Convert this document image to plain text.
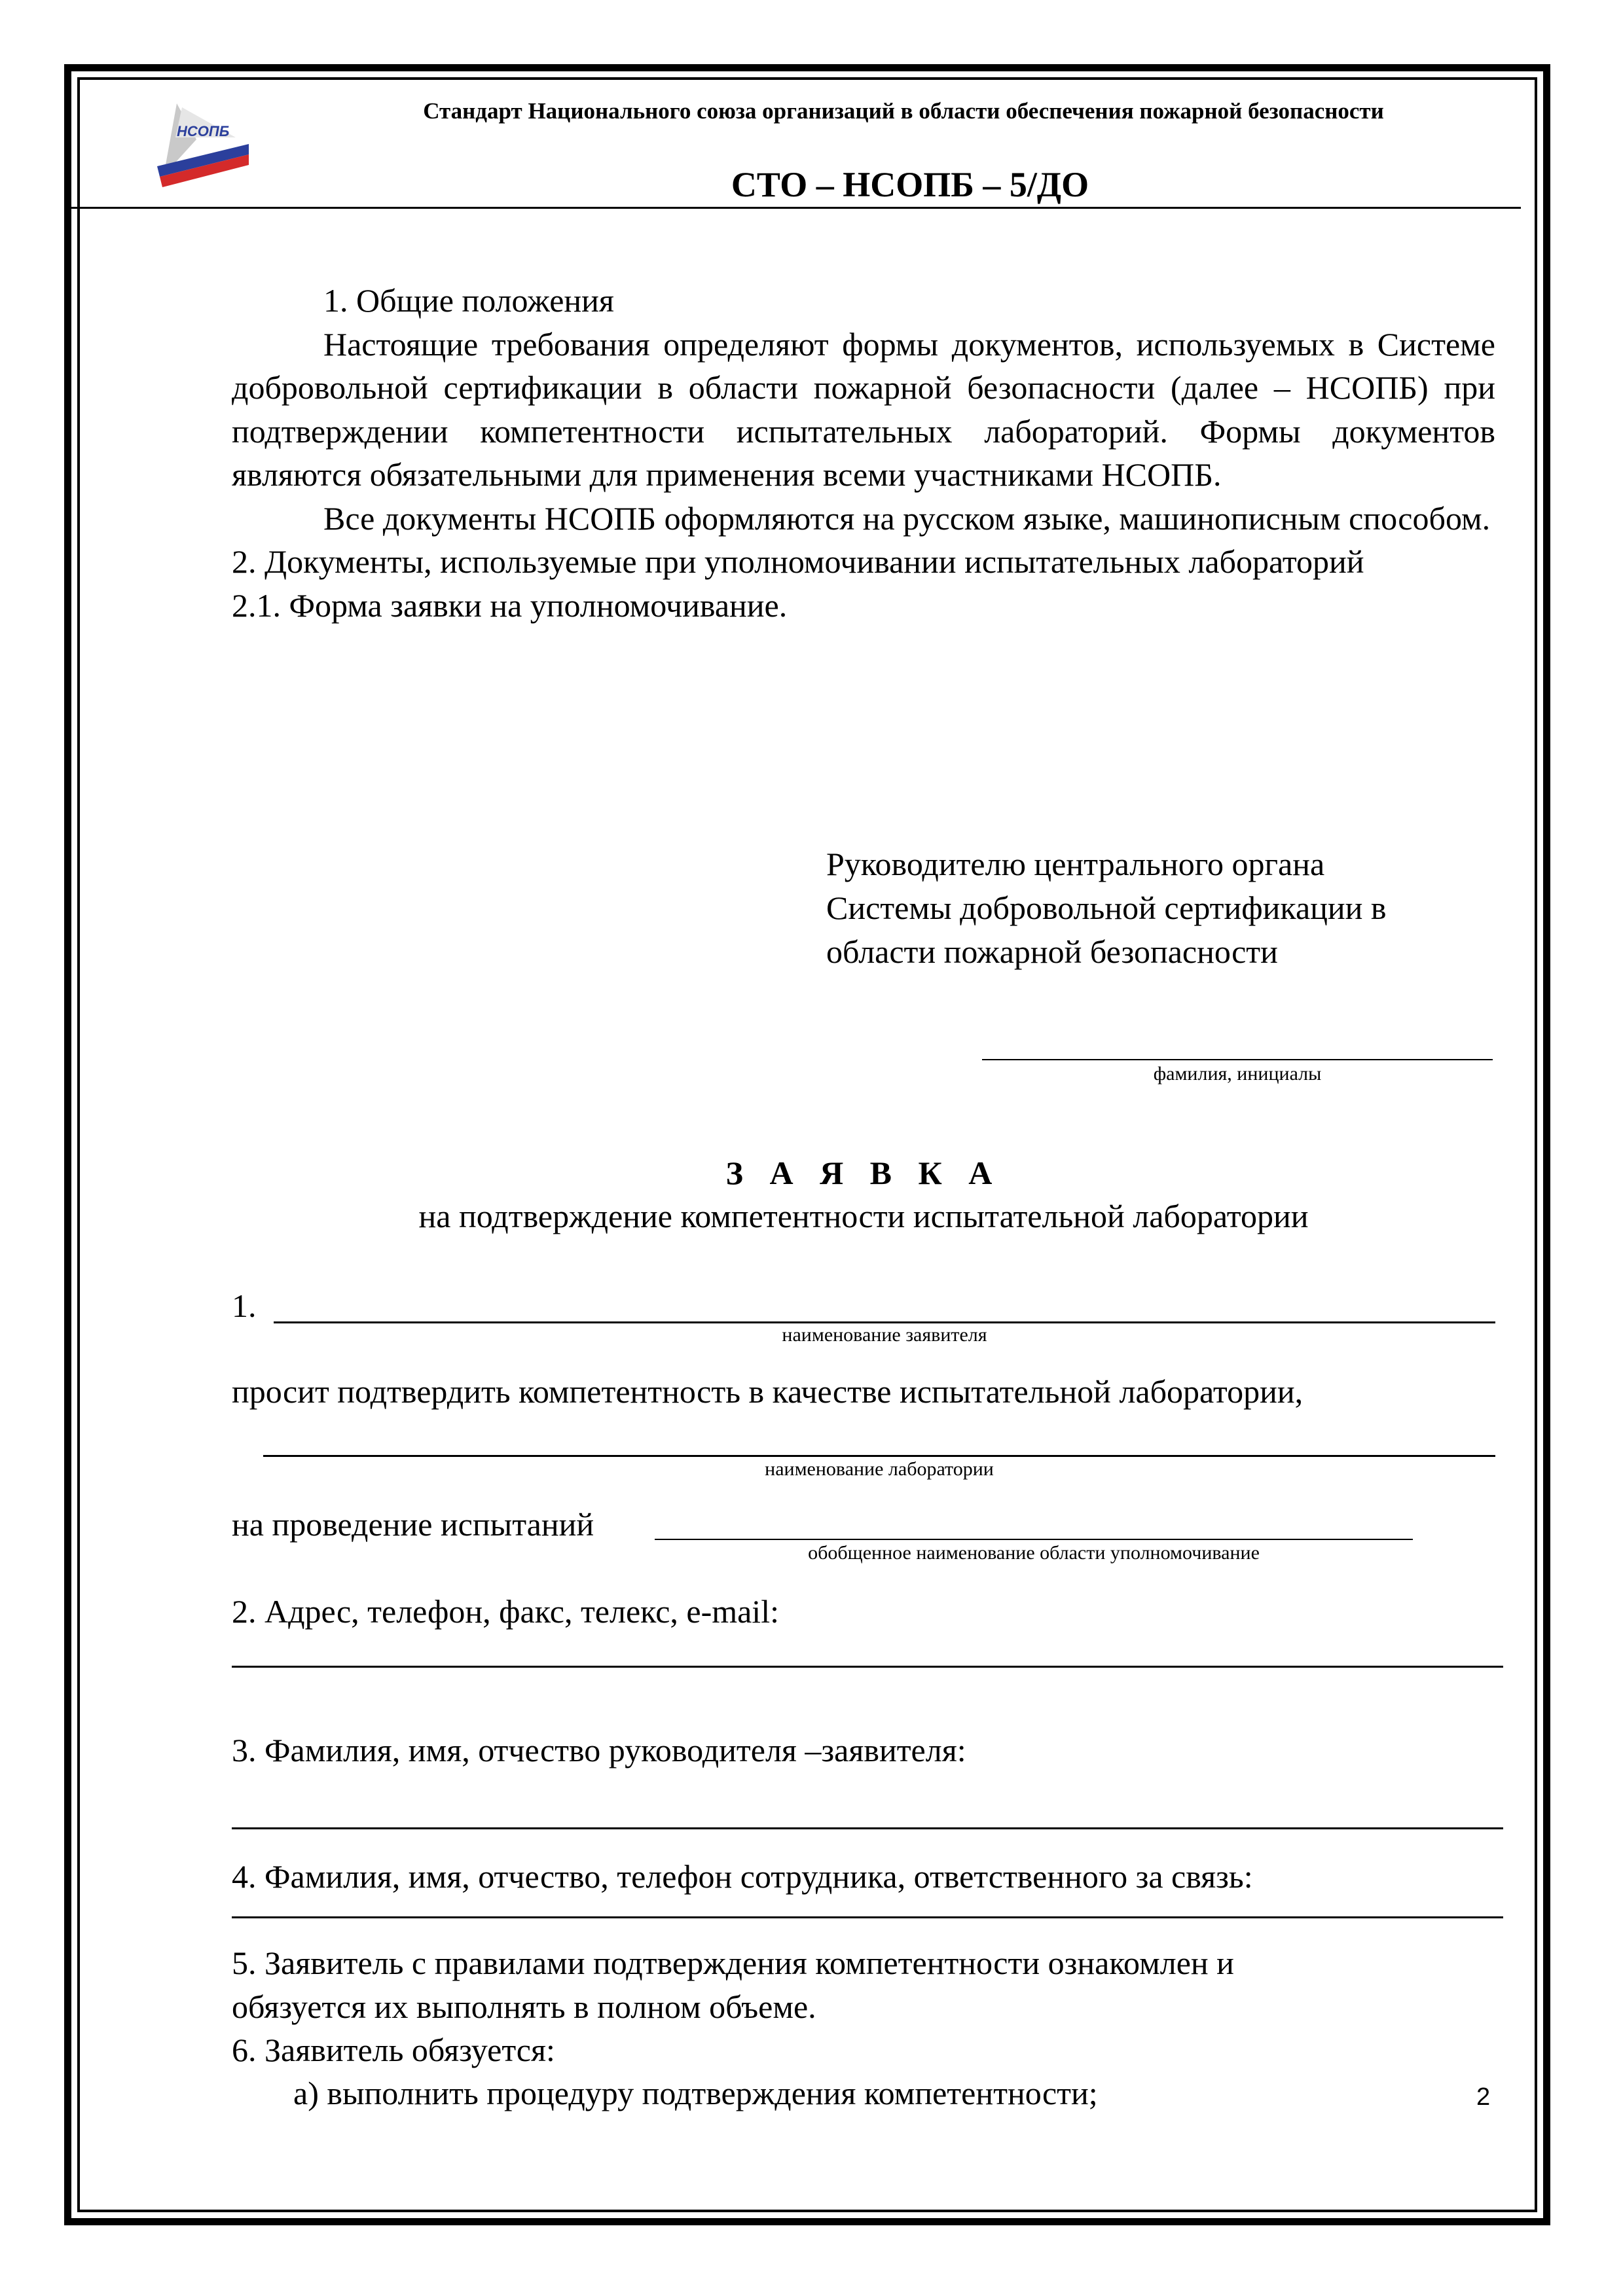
НСОПБ
Стандарт Национального союза организаций в области обеспечения пожарной безопасности
СТО – НСОПБ – 5/ДО

1. Общие положения

Настоящие требования определяют формы документов, используемых в Системе добровольной сертификации в области пожарной безопасности (далее – НСОПБ) при подтверждении компетентности испытательных лабораторий. Формы документов являются обязательными для применения всеми участниками НСОПБ.

Все документы НСОПБ оформляются на русском языке, машинописным способом.

2. Документы, используемые при уполномочивании испытательных лабораторий

2.1. Форма заявки на уполномочивание.

Руководителю центрального органа
Системы добровольной сертификации в
области пожарной безопасности
фамилия, инициалы
З А Я В К А
на подтверждение компетентности испытательной лаборатории
1.
наименование заявителя
просит подтвердить компетентность в качестве испытательной лаборатории,
наименование лаборатории
на проведение испытаний
обобщенное наименование области уполномочивание
2. Адрес, телефон, факс, телекс, e-mail:
3. Фамилия, имя, отчество руководителя –заявителя:
4. Фамилия, имя, отчество, телефон сотрудника, ответственного за связь:
5. Заявитель с правилами подтверждения компетентности ознакомлен и
обязуется их выполнять в полном объеме.
6. Заявитель обязуется:
а) выполнить процедуру подтверждения компетентности;	2
